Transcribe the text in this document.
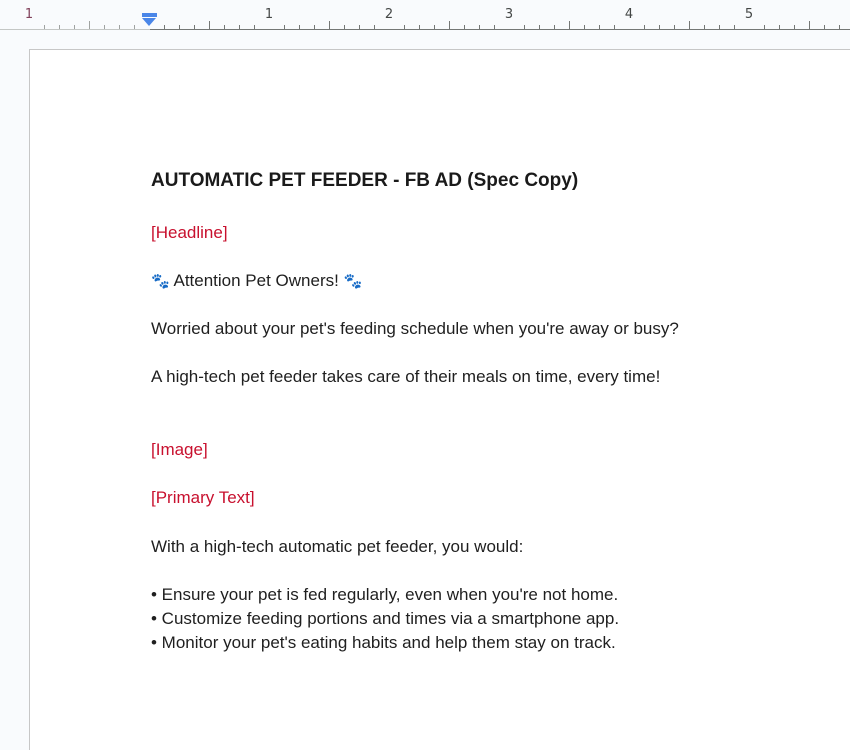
1	1	2	3	4	5
AUTOMATIC PET FEEDER - FB AD (Spec Copy)
[Headline]
🐾 Attention Pet Owners! 🐾
Worried about your pet's feeding schedule when you're away or busy?
A high-tech pet feeder takes care of their meals on time, every time!
[Image]
[Primary Text]
With a high-tech automatic pet feeder, you would:
• Ensure your pet is fed regularly, even when you're not home.
• Customize feeding portions and times via a smartphone app.
• Monitor your pet's eating habits and help them stay on track.
